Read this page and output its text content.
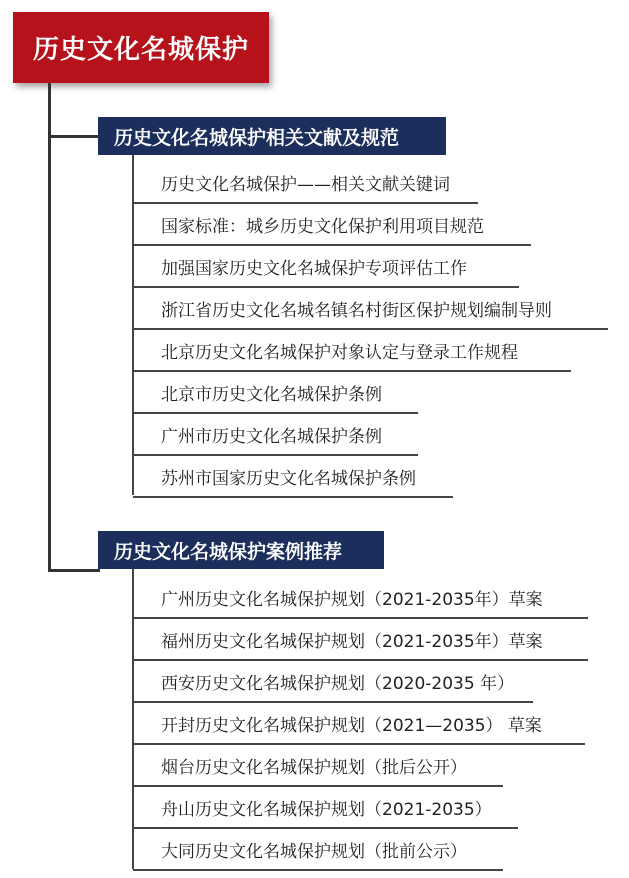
历史文化名城保护
历史文化名城保护相关文献及规范
历史文化名城保护——相关文献关键词
国家标准：城乡历史文化保护利用项目规范
加强国家历史文化名城保护专项评估工作
浙江省历史文化名城名镇名村街区保护规划编制导则
北京历史文化名城保护对象认定与登录工作规程
北京市历史文化名城保护条例
广州市历史文化名城保护条例
苏州市国家历史文化名城保护条例
历史文化名城保护案例推荐
广州历史文化名城保护规划（2021-2035年）草案
福州历史文化名城保护规划（2021-2035年）草案
西安历史文化名城保护规划（2020-2035 年）
开封历史文化名城保护规划（2021—2035） 草案
烟台历史文化名城保护规划（批后公开）
舟山历史文化名城保护规划（2021-2035）
大同历史文化名城保护规划（批前公示）
